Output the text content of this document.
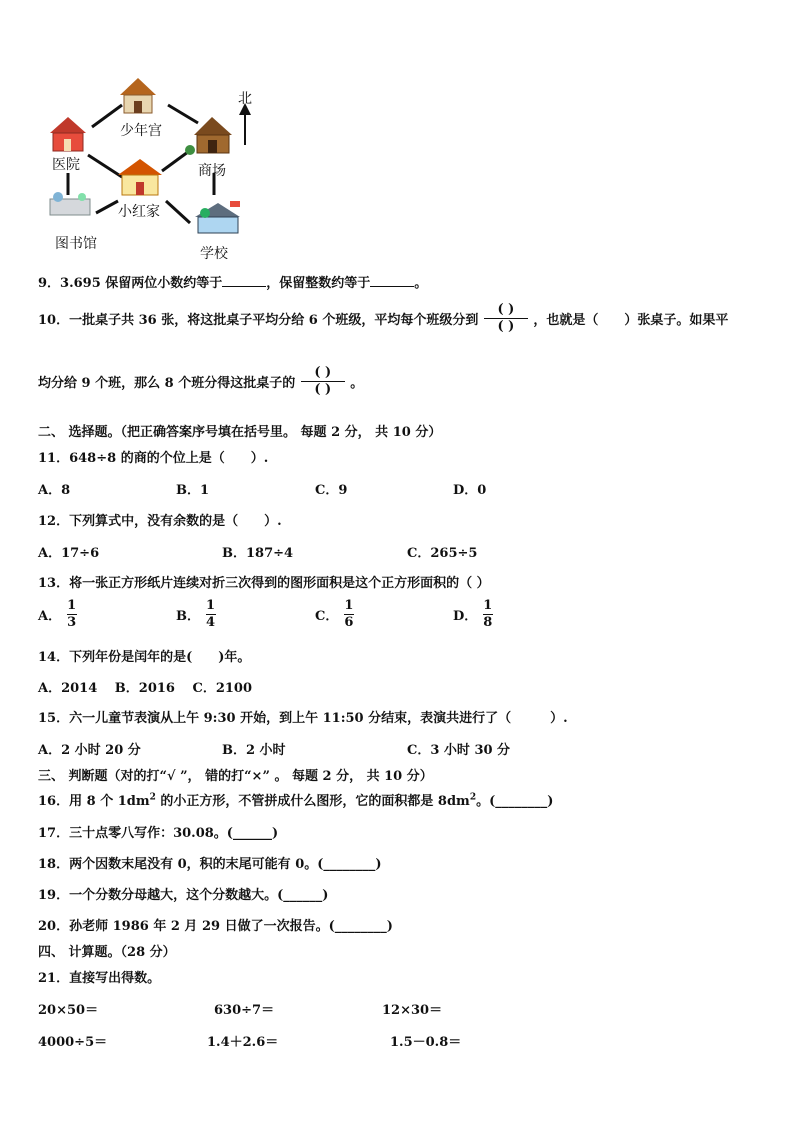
北
少年宫
医院	商场
小红家
图书馆
学校
9．3.695 保留两位小数约等于	，保留整数约等于	。
10．一批桌子共 36 张，将这批桌子平均分给 6 个班级，平均每个班级分到 $\frac{( )}{( )}$ ，也就是（ ）张桌子。如果平
均分给 9 个班，那么 8 个班分得这批桌子的 $\frac{( )}{( )}$ 。
二、 选择题。（把正确答案序号填在括号里。 每题 2 分， 共 10 分）
11．648÷8 的商的个位上是（　　）.
A．8	B．1	C．9	D．0
12．下列算式中，没有余数的是（　　）.
A．17÷6	B．187÷4	C．265÷5
13．将一张正方形纸片连续对折三次得到的图形面积是这个正方形面积的（ ）
A． $\frac{1}{3}$	B． $\frac{1}{4}$	C． $\frac{1}{6}$	D． $\frac{1}{8}$
14．下列年份是闰年的是(　　)年。
A．2014　 B．2016　 C．2100
15．六一儿童节表演从上午 9:30 开始，到上午 11:50 分结束，表演共进行了（　　　）.
A．2 小时 20 分	B．2 小时	C．3 小时 30 分
三、 判断题（对的打“√ ”， 错的打“×” 。 每题 2 分， 共 10 分）
16．用 8 个 $1dm^2$ 的小正方形，不管拼成什么图形，它的面积都是 $8dm^2$。(________)
17．三十点零八写作：30.08。(______)
18．两个因数末尾没有 0，积的末尾可能有 0。(________)
19．一个分数分母越大，这个分数越大。(______)
20．孙老师 1986 年 2 月 29 日做了一次报告。(________)
四、 计算题。（28 分）
21．直接写出得数。
20×50＝	630÷7＝	12×30＝
4000÷5＝	1.4＋2.6＝	1.5－0.8＝
